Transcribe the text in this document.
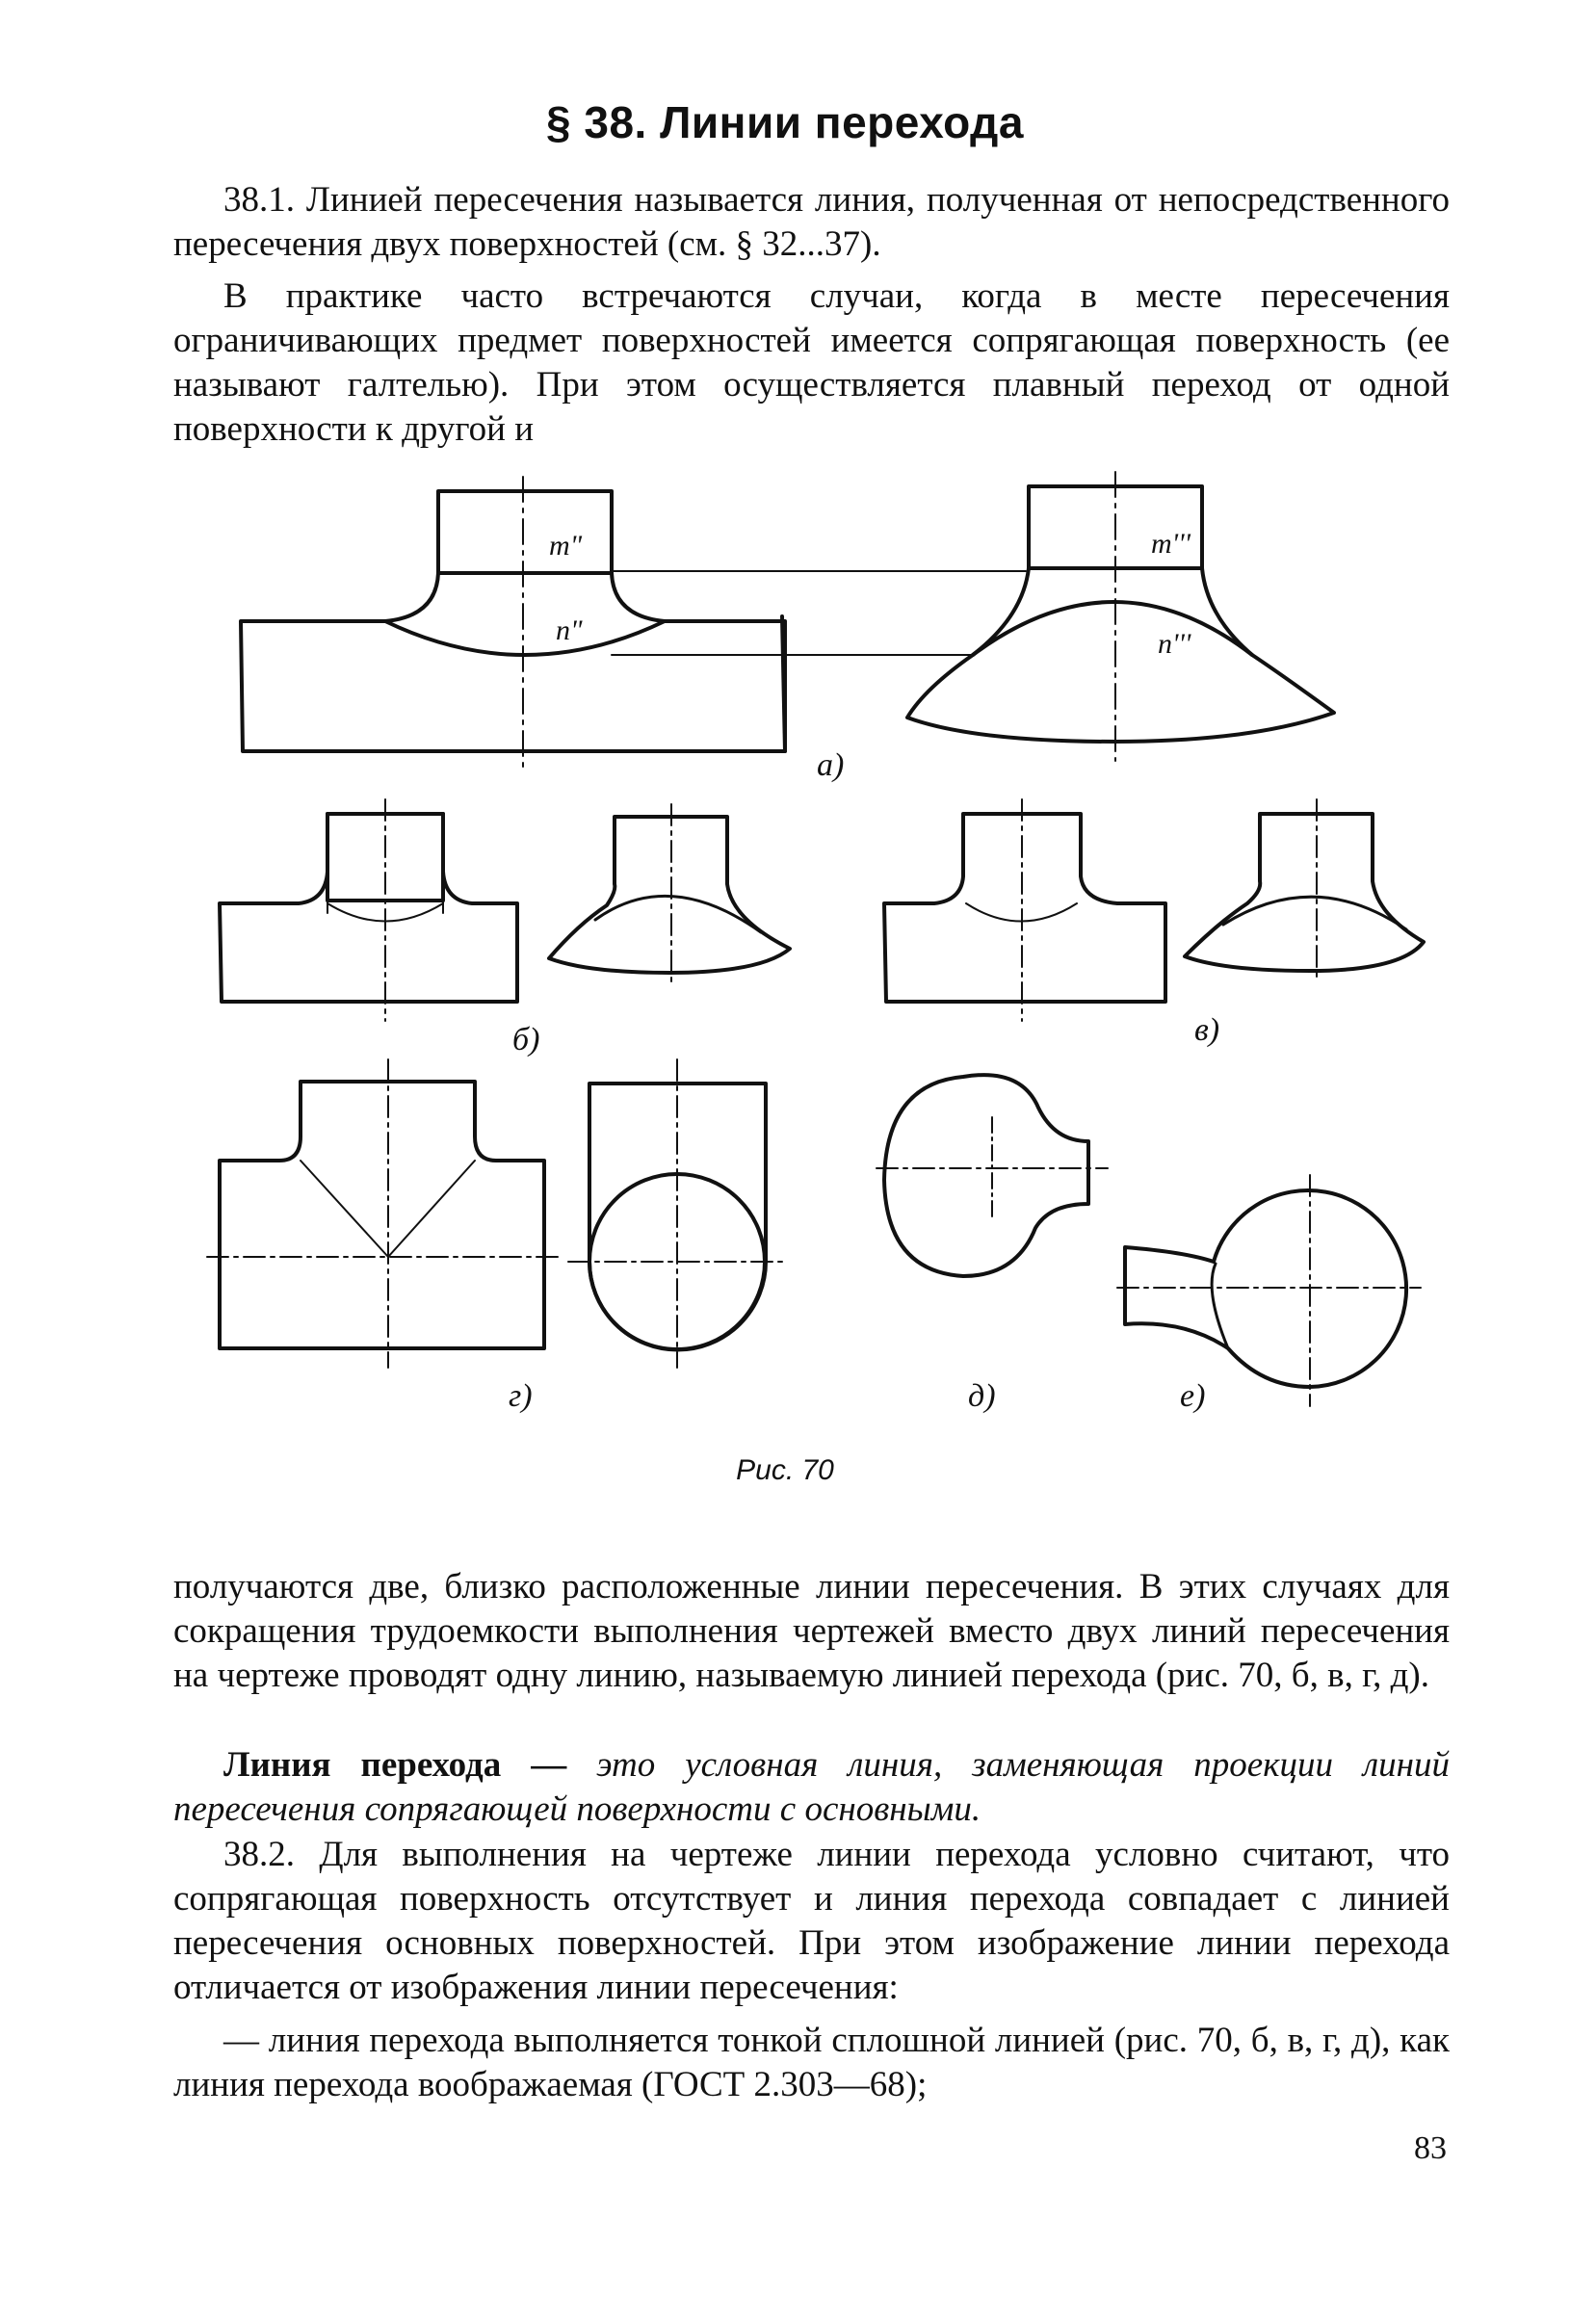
§ 38. Линии перехода

38.1. Линией пересечения называется линия, полученная от непосредственного пересечения двух поверхностей (см. § 32...37).

В практике часто встречаются случаи, когда в месте пересечения ограничивающих предмет поверхностей имеется сопрягающая поверхность (ее называют галтелью). При этом осуществляется плавный переход от одной поверхности к другой и

m"
n"
m'''
n'''
а)
б)	в)
г)	д)	е)
Рис. 70

получаются две, близко расположенные линии пересечения. В этих случаях для сокращения трудоемкости выполнения чертежей вместо двух линий пересечения на чертеже проводят одну линию, называемую линией перехода (рис. 70, б, в, г, д).

Линия перехода — это условная линия, заменяющая проекции линий пересечения сопрягающей поверхности с основными.

38.2. Для выполнения на чертеже линии перехода условно считают, что сопрягающая поверхность отсутствует и линия перехода совпадает с линией пересечения основных поверхностей. При этом изображение линии перехода отличается от изображения линии пересечения:

— линия перехода выполняется тонкой сплошной линией (рис. 70, б, в, г, д), как линия перехода воображаемая (ГОСТ 2.303—68);

83
